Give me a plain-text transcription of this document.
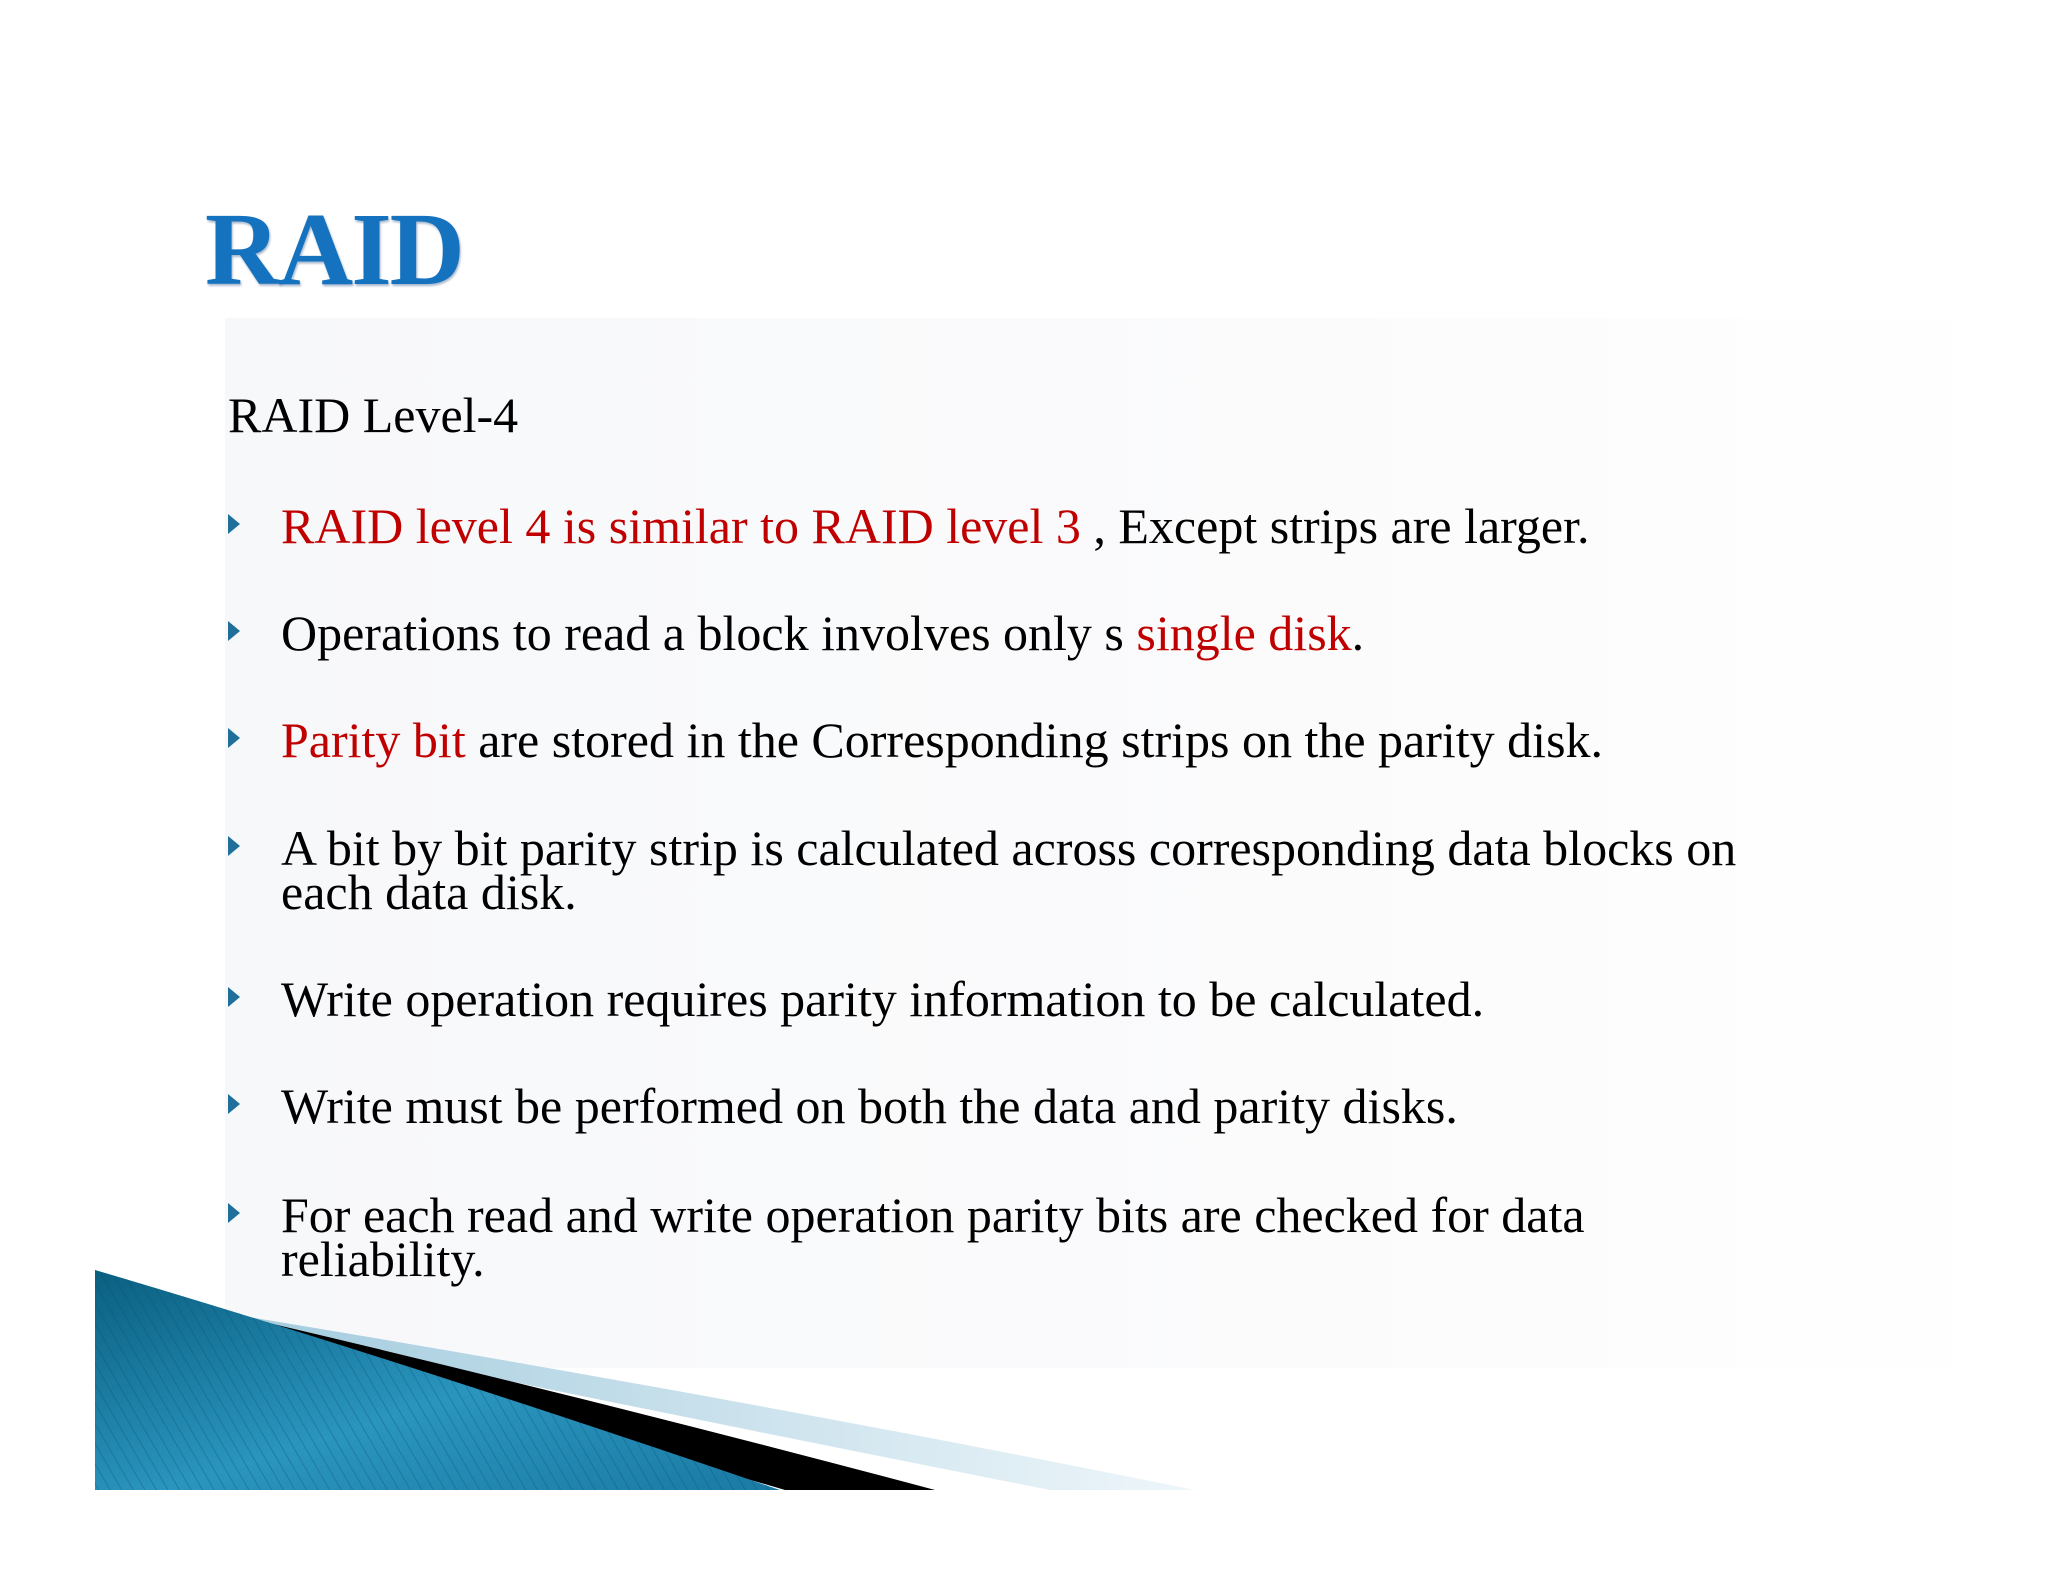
RAID
RAID Level-4
RAID level 4 is similar to RAID level 3 , Except strips are larger.
Operations to read a block involves only s single disk.
Parity bit are stored in the Corresponding strips on the parity disk.
A bit by bit parity strip is calculated across corresponding data blocks on each data disk.
Write operation requires parity information to be calculated.
Write must be performed on both the data and parity disks.
For each read and write operation parity bits are checked for data reliability.
